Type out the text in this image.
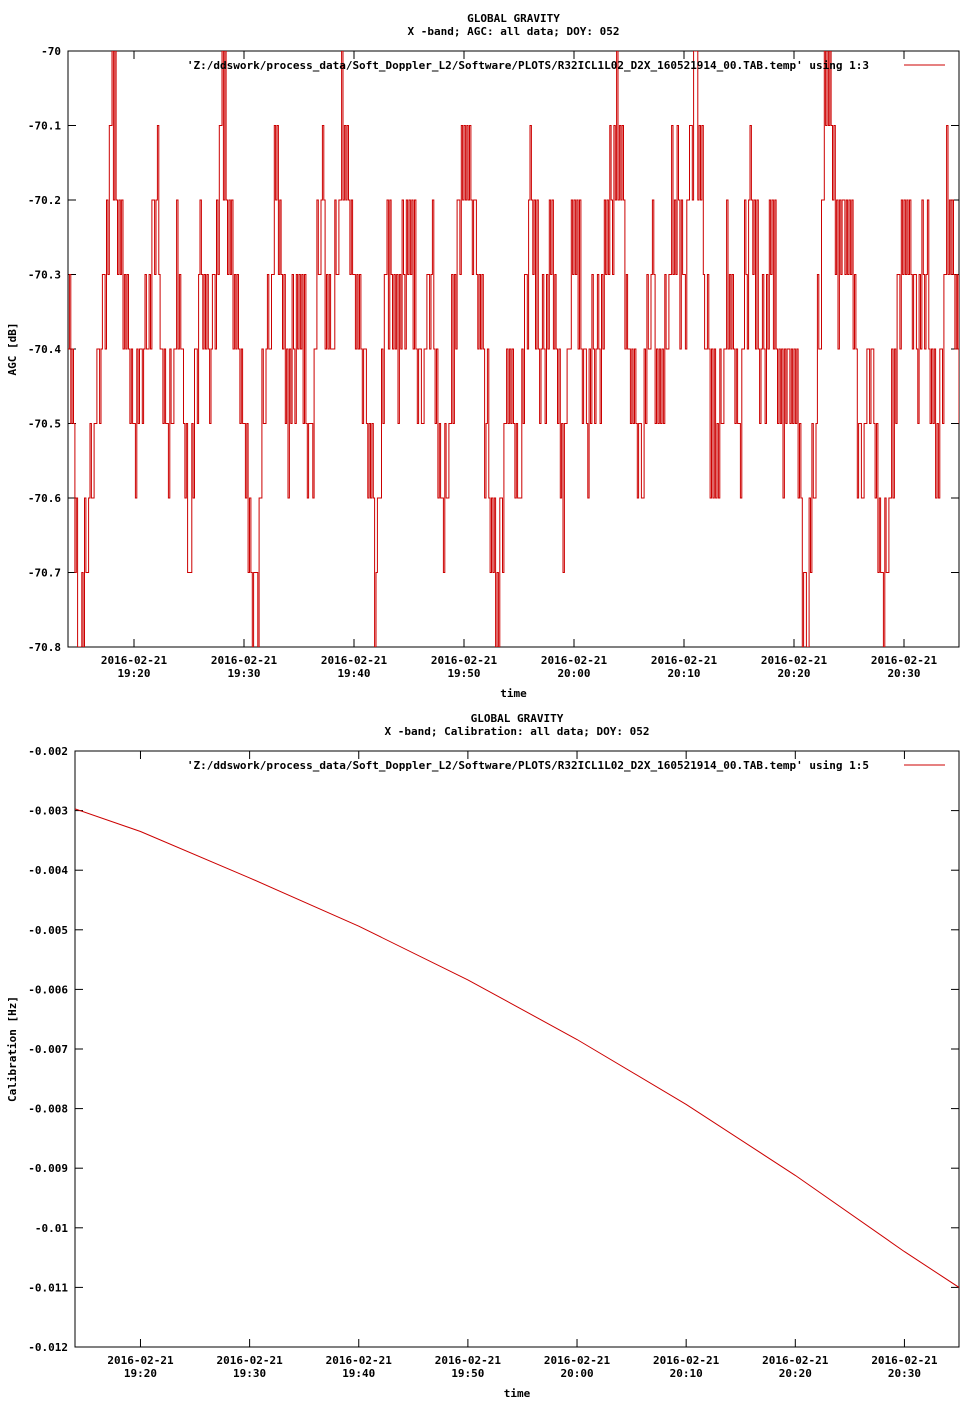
GLOBAL GRAVITY
X -band; AGC: all data; DOY: 052
time
AGC [dB]
-70
-70.1
-70.2
-70.3
-70.4
-70.5
-70.6
-70.7
-70.8
2016-02-21
19:20
2016-02-21
19:30
2016-02-21
19:40
2016-02-21
19:50
2016-02-21
20:00
2016-02-21
20:10
2016-02-21
20:20
2016-02-21
20:30
'Z:/ddswork/process_data/Soft_Doppler_L2/Software/PLOTS/R32ICL1L02_D2X_160521914_00.TAB.temp' using 1:3
GLOBAL GRAVITY
X -band; Calibration: all data; DOY: 052
time
Calibration [Hz]
-0.002
-0.003
-0.004
-0.005
-0.006
-0.007
-0.008
-0.009
-0.01
-0.011
-0.012
2016-02-21
19:20
2016-02-21
19:30
2016-02-21
19:40
2016-02-21
19:50
2016-02-21
20:00
2016-02-21
20:10
2016-02-21
20:20
2016-02-21
20:30
'Z:/ddswork/process_data/Soft_Doppler_L2/Software/PLOTS/R32ICL1L02_D2X_160521914_00.TAB.temp' using 1:5
